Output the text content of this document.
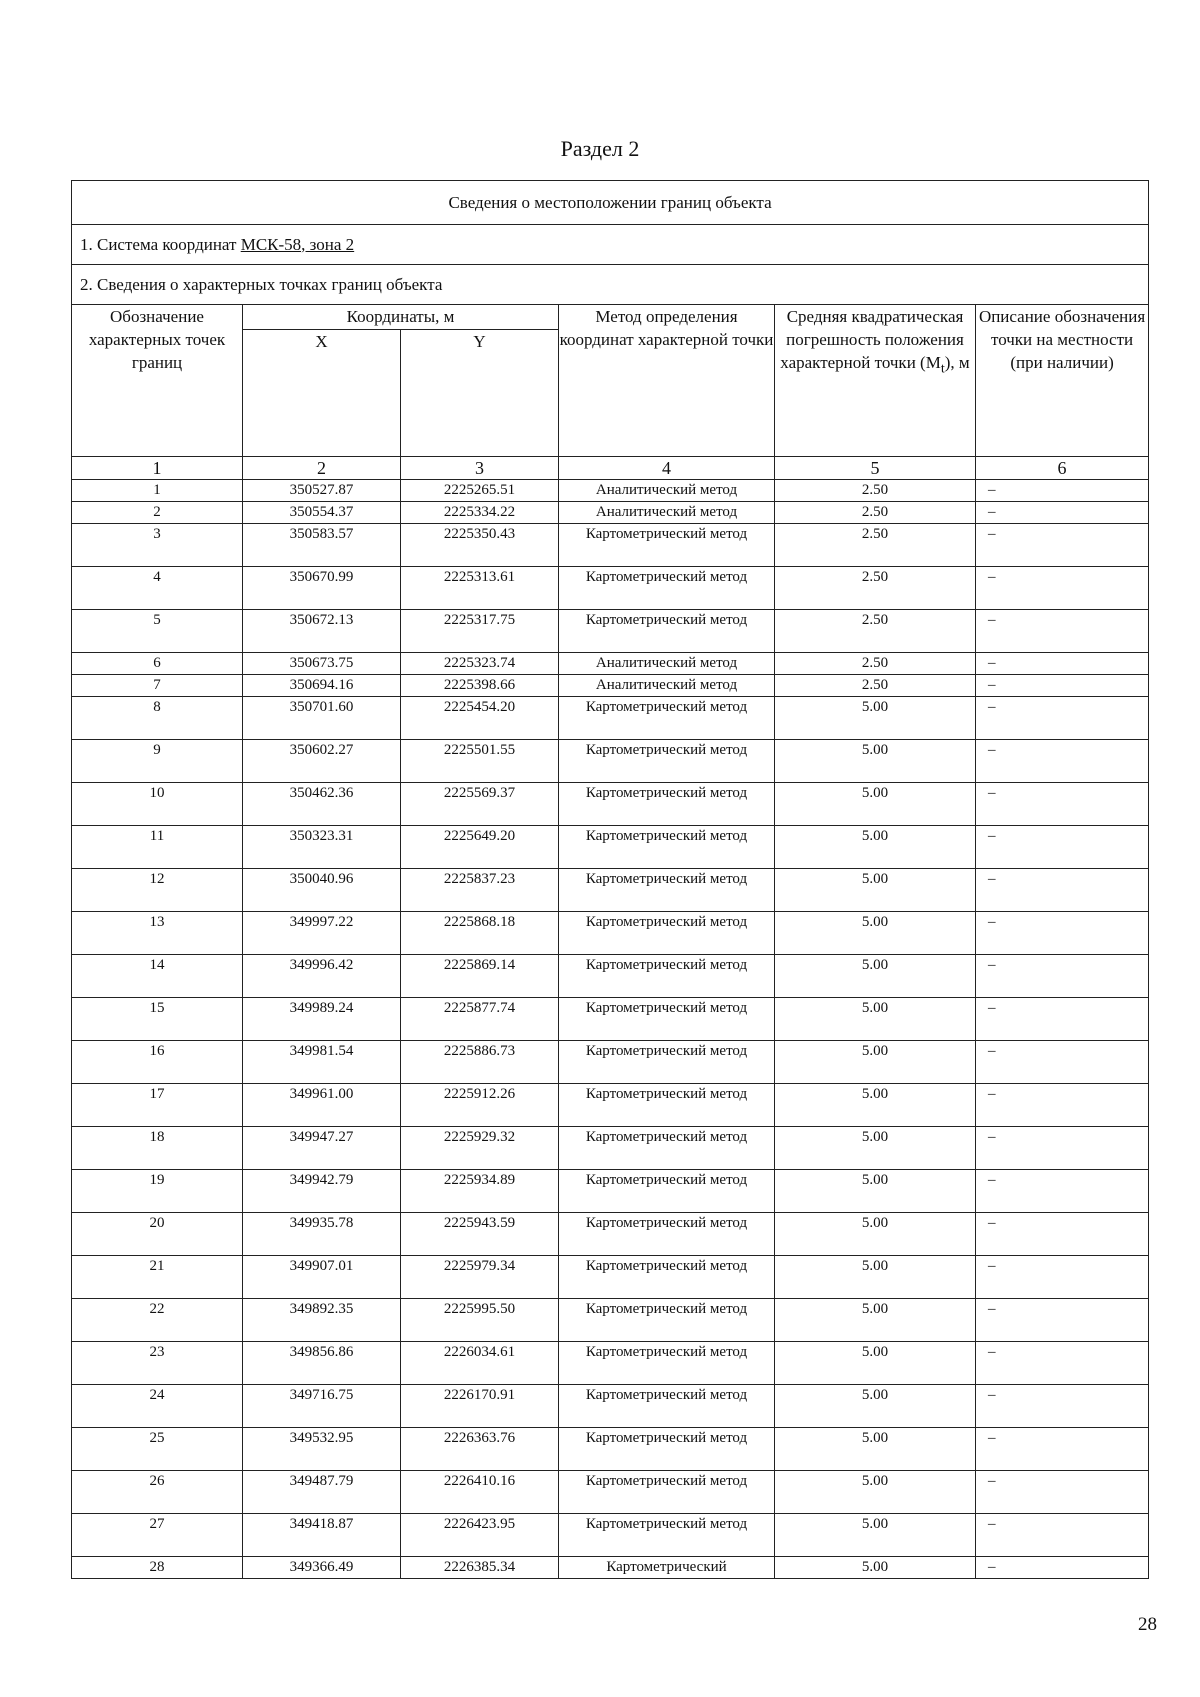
Раздел 2
Сведения о местоположении границ объекта					
1. Система координат МСК-58, зона 2					
2. Сведения о характерных точках границ объекта					
Обозначение характерных точек границ	Координаты, м		Метод определения координат характерной точки	Средняя квадратическая погрешность положения характерной точки $(M_t)$, м	Описание обозначения точки на местности (при наличии)
	X	Y			
1	2	3	4	5	6
1	350527.87	2225265.51	Аналитический метод	2.50	–
2	350554.37	2225334.22	Аналитический метод	2.50	–
3	350583.57	2225350.43	Картометрический метод	2.50	–
4	350670.99	2225313.61	Картометрический метод	2.50	–
5	350672.13	2225317.75	Картометрический метод	2.50	–
6	350673.75	2225323.74	Аналитический метод	2.50	–
7	350694.16	2225398.66	Аналитический метод	2.50	–
8	350701.60	2225454.20	Картометрический метод	5.00	–
9	350602.27	2225501.55	Картометрический метод	5.00	–
10	350462.36	2225569.37	Картометрический метод	5.00	–
11	350323.31	2225649.20	Картометрический метод	5.00	–
12	350040.96	2225837.23	Картометрический метод	5.00	–
13	349997.22	2225868.18	Картометрический метод	5.00	–
14	349996.42	2225869.14	Картометрический метод	5.00	–
15	349989.24	2225877.74	Картометрический метод	5.00	–
16	349981.54	2225886.73	Картометрический метод	5.00	–
17	349961.00	2225912.26	Картометрический метод	5.00	–
18	349947.27	2225929.32	Картометрический метод	5.00	–
19	349942.79	2225934.89	Картометрический метод	5.00	–
20	349935.78	2225943.59	Картометрический метод	5.00	–
21	349907.01	2225979.34	Картометрический метод	5.00	–
22	349892.35	2225995.50	Картометрический метод	5.00	–
23	349856.86	2226034.61	Картометрический метод	5.00	–
24	349716.75	2226170.91	Картометрический метод	5.00	–
25	349532.95	2226363.76	Картометрический метод	5.00	–
26	349487.79	2226410.16	Картометрический метод	5.00	–
27	349418.87	2226423.95	Картометрический метод	5.00	–
28	349366.49	2226385.34	Картометрический	5.00	–
28
